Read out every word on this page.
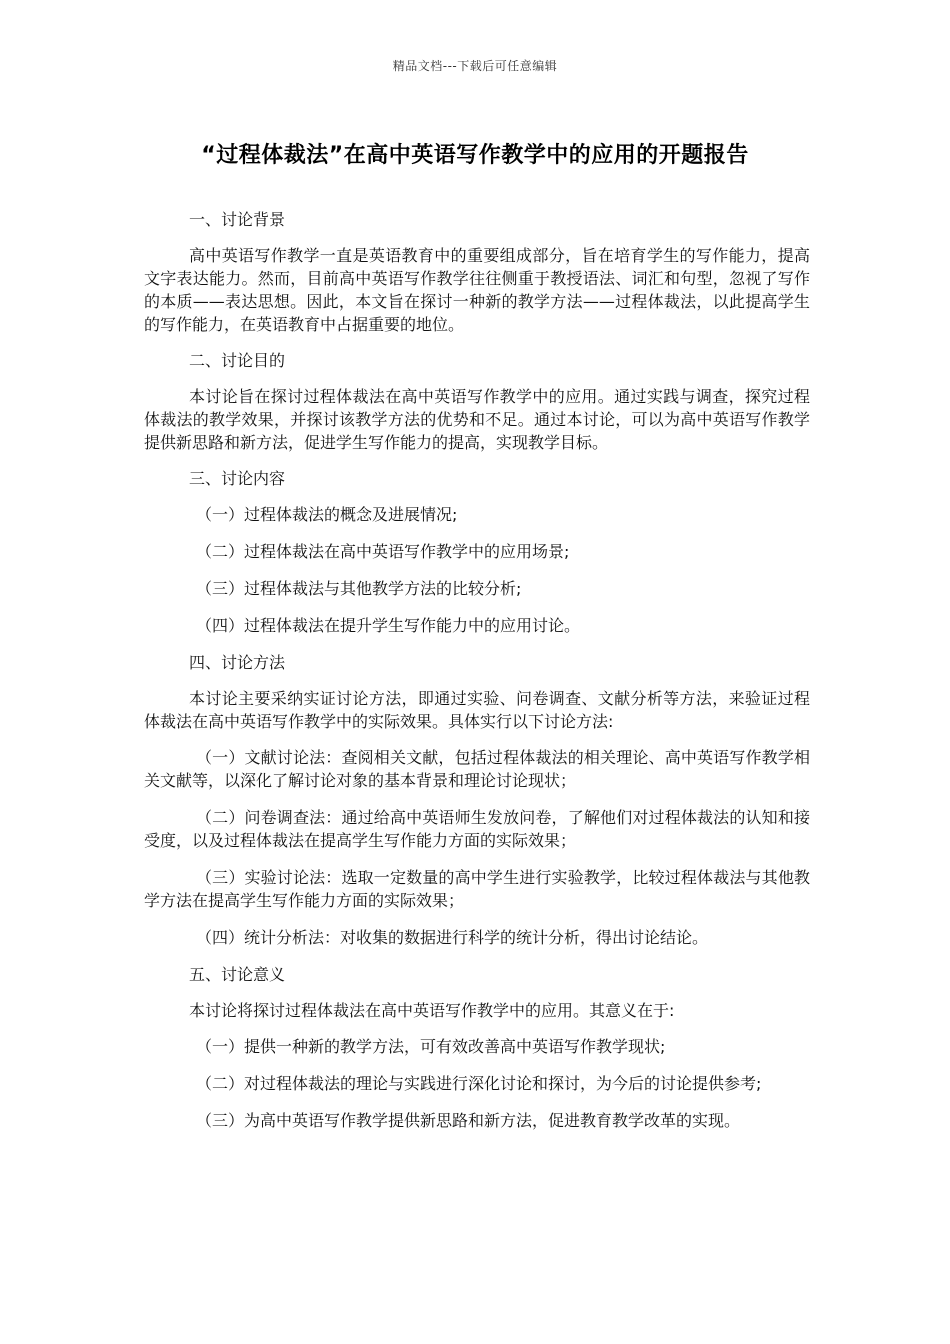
精品文档---下载后可任意编辑
“过程体裁法”在高中英语写作教学中的应用的开题报告

一、讨论背景

高中英语写作教学一直是英语教育中的重要组成部分，旨在培育学生的写作能力，提高文字表达能力。然而，目前高中英语写作教学往往侧重于教授语法、词汇和句型，忽视了写作的本质——表达思想。因此，本文旨在探讨一种新的教学方法——过程体裁法，以此提高学生的写作能力，在英语教育中占据重要的地位。

二、讨论目的

本讨论旨在探讨过程体裁法在高中英语写作教学中的应用。通过实践与调查，探究过程体裁法的教学效果，并探讨该教学方法的优势和不足。通过本讨论，可以为高中英语写作教学提供新思路和新方法，促进学生写作能力的提高，实现教学目标。

三、讨论内容

（一）过程体裁法的概念及进展情况;

（二）过程体裁法在高中英语写作教学中的应用场景;

（三）过程体裁法与其他教学方法的比较分析;

（四）过程体裁法在提升学生写作能力中的应用讨论。

四、讨论方法

本讨论主要采纳实证讨论方法，即通过实验、问卷调查、文献分析等方法，来验证过程体裁法在高中英语写作教学中的实际效果。具体实行以下讨论方法:

（一）文献讨论法：查阅相关文献，包括过程体裁法的相关理论、高中英语写作教学相关文献等，以深化了解讨论对象的基本背景和理论讨论现状；

（二）问卷调查法：通过给高中英语师生发放问卷，了解他们对过程体裁法的认知和接受度，以及过程体裁法在提高学生写作能力方面的实际效果；

（三）实验讨论法：选取一定数量的高中学生进行实验教学，比较过程体裁法与其他教学方法在提高学生写作能力方面的实际效果；

（四）统计分析法：对收集的数据进行科学的统计分析，得出讨论结论。

五、讨论意义

本讨论将探讨过程体裁法在高中英语写作教学中的应用。其意义在于:

（一）提供一种新的教学方法，可有效改善高中英语写作教学现状;

（二）对过程体裁法的理论与实践进行深化讨论和探讨，为今后的讨论提供参考;

（三）为高中英语写作教学提供新思路和新方法，促进教育教学改革的实现。
